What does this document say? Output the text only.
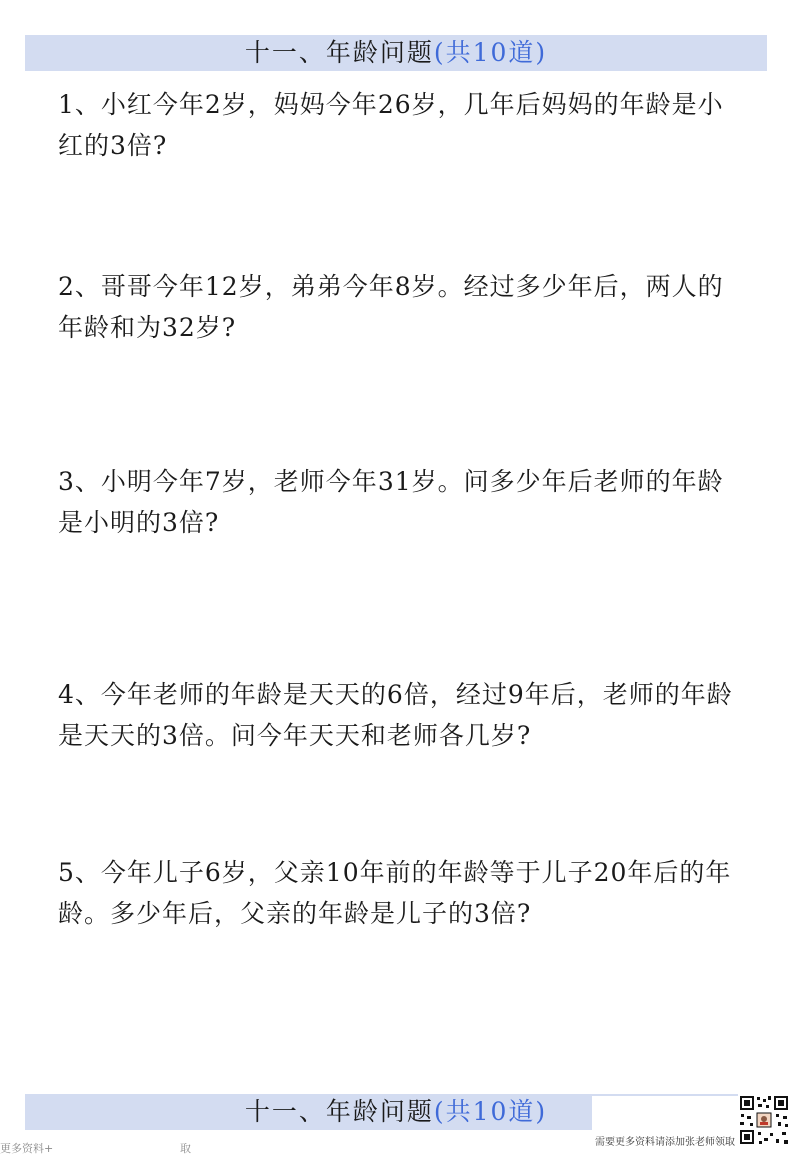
十一、年龄问题(共10道)

1、小红今年2岁，妈妈今年26岁，几年后妈妈的年龄是小红的3倍?

2、哥哥今年12岁，弟弟今年8岁。经过多少年后，两人的年龄和为32岁?

3、小明今年7岁，老师今年31岁。问多少年后老师的年龄是小明的3倍?

4、今年老师的年龄是天天的6倍，经过9年后，老师的年龄是天天的3倍。问今年天天和老师各几岁?

5、今年儿子6岁，父亲10年前的年龄等于儿子20年后的年龄。多少年后，父亲的年龄是儿子的3倍?

十一、年龄问题(共10道)
需要更多资料请添加张老师领取
更多资料+	取
